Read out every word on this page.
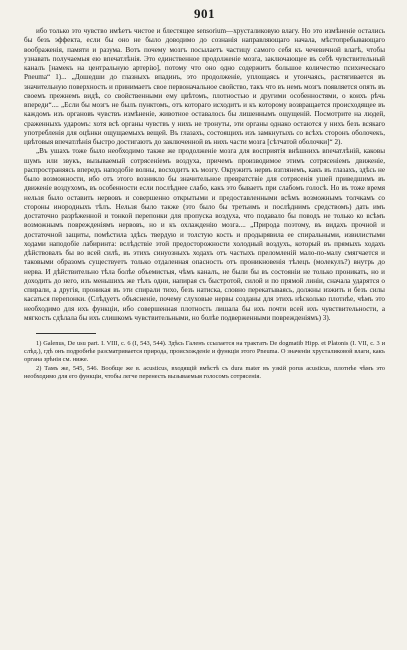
901

ибо только это чувство имѣетъ чистое и блестящее sensorium—хрусталиковую влагу. Но это измѣненіе остались бы безъ эффекта, если бы оно не было доводимо до сознанія направляющаго начала, мѣстопребывающаго воображенія, памяти и разума. Вотъ почему мозгъ посылаетъ частицу самого себя къ чечевичной влагѣ, чтобы узнавать получаемыя ею впечатлѣнія. Это единственное продолженіе мозга, заключающее въ себѣ чувствительный каналъ [намекъ на центральную артерію], потому что оно одно содержитъ большое количество психическаго Pneuma“ 1)... „Дошедши до глазныхъ впадинъ, это продолженіе, уплощаясь и утончаясь, растягивается въ значительную поверхность и принимаетъ свое первоначальное свойство, такъ что въ немъ мозгъ появляется опять въ своемъ прежнемъ видѣ, со свойственными ему цвѣтомъ, плотностью и другими особенностями, о коихъ рѣчь впереди“.... „Если бы мозгъ не былъ пунктомъ, отъ котораго исходитъ и къ которому возвращается происходящее въ каждомъ изъ органовъ чувствъ измѣненіе, животное оставалось бы лишеннымъ ощущеній. Посмотрите на людей, сраженныхъ ударомъ: хотя всѣ органы чувствъ у нихъ не тронуты, эти органы однако остаются у нихъ безъ всякаго употребленія для оцѣнки ощущаемыхъ вещей. Въ глазахъ, состоящихъ изъ замкнутыхъ со всѣхъ сторонъ оболочекъ, цвѣтовыя впечатлѣнія быстро достигаютъ до заключенной въ нихъ части мозга [сѣтчатой оболочки]“ 2).

„Въ ушахъ тоже было необходимо также же продолженіе мозга для восприятія внѣшнихъ впечатлѣній, каковы шумъ или звукъ, вызываемый сотрясеніемъ воздуха, причемъ производимое этимъ сотрясеніемъ движеніе, распространяясь впередъ наподобіе волны, восходитъ къ мозгу. Окружитъ нервъ взглянемъ, какъ въ глазахъ, здѣсь не было возможности, ибо отъ этого возникло бы значительное превратствіе для сотрясенія ушей приведшимъ въ движеніе воздухомъ, въ особенности если послѣднее слабо, какъ это бываетъ при слабомъ голосѣ. Но въ тоже время нельзя было оставить нервовъ и совершенно открытыми и предоставленными всѣмъ возможнымъ толчкамъ со стороны инородныхъ тѣлъ. Нельзя было также (это было бы третьимъ и послѣднимъ средствомъ) дать имъ достаточно разрѣженной и тонкой перепонки для пропуска воздуха, что подавало бы поводъ не только ко всѣмъ возможнымъ поврежденіямъ нервовъ, но и къ охлажденію мозга.... „Природа поэтому, въ видахъ прочной и достаточной защиты, помѣстила здѣсь твердую и толстую кость и продырявила ее спиральными, извилистыми ходами наподобіе лабиринта: вслѣдствіе этой предосторожности холодный воздухъ, который въ прямыхъ ходахъ дѣйствовалъ бы во всей силѣ, въ этихъ синуозныхъ ходахъ отъ частыхъ преломленій мало-по-малу смягчается и таковыми образомъ существуетъ только отдаленная опасность отъ проникновенія тѣлецъ (молекулъ?) внутрь до нерва. И дѣйствительно тѣла болѣе объемистыя, чѣмъ каналъ, не были бы въ состояніи не только проникать, но и доходить до него, изъ меньшихъ же тѣлъ одни, напирая съ быстротой, силой и по прямой линіи, сначала ударятся о спирали, а другія, проникая въ эти спирали тихо, безъ натиска, словно перекатываясь, должны изжить и безъ силы касаться перепонки. (Слѣдуетъ объясненіе, почему слуховые нервы созданы для этихъ нѣсколько плотнѣе, чѣмъ это необходимо для ихъ функціи, ибо совершенная плотность лишала бы ихъ почти всей ихъ чувствительности, а мягкость сдѣлала бы ихъ слишкомъ чувствительными, но болѣе подверженными поврежденіямъ) 3).

1) Galenus, De usu part. I. VIII, c. 6 (I, 543, 544). Здѣсь Галенъ ссылается на трактатъ De dogmatib Hipp. et Platonis (I. VII, c. 3 и слѣд.), гдѣ онъ подробнѣе разсматривается природа, происхожденіе и функція этого Pneuma. О значеніи хрусталиковой влаги, какъ органа зрѣнія см. ниже.

2) Тамъ же, 545, 546. Вообще же в. acusticus, входящій вмѣстѣ съ dura mater въ узкій porus acusticus, плотнѣе чѣмъ это необходимо для его функціи, чтобы легче перенесть вызываемыя голосомъ сотрясенія.
